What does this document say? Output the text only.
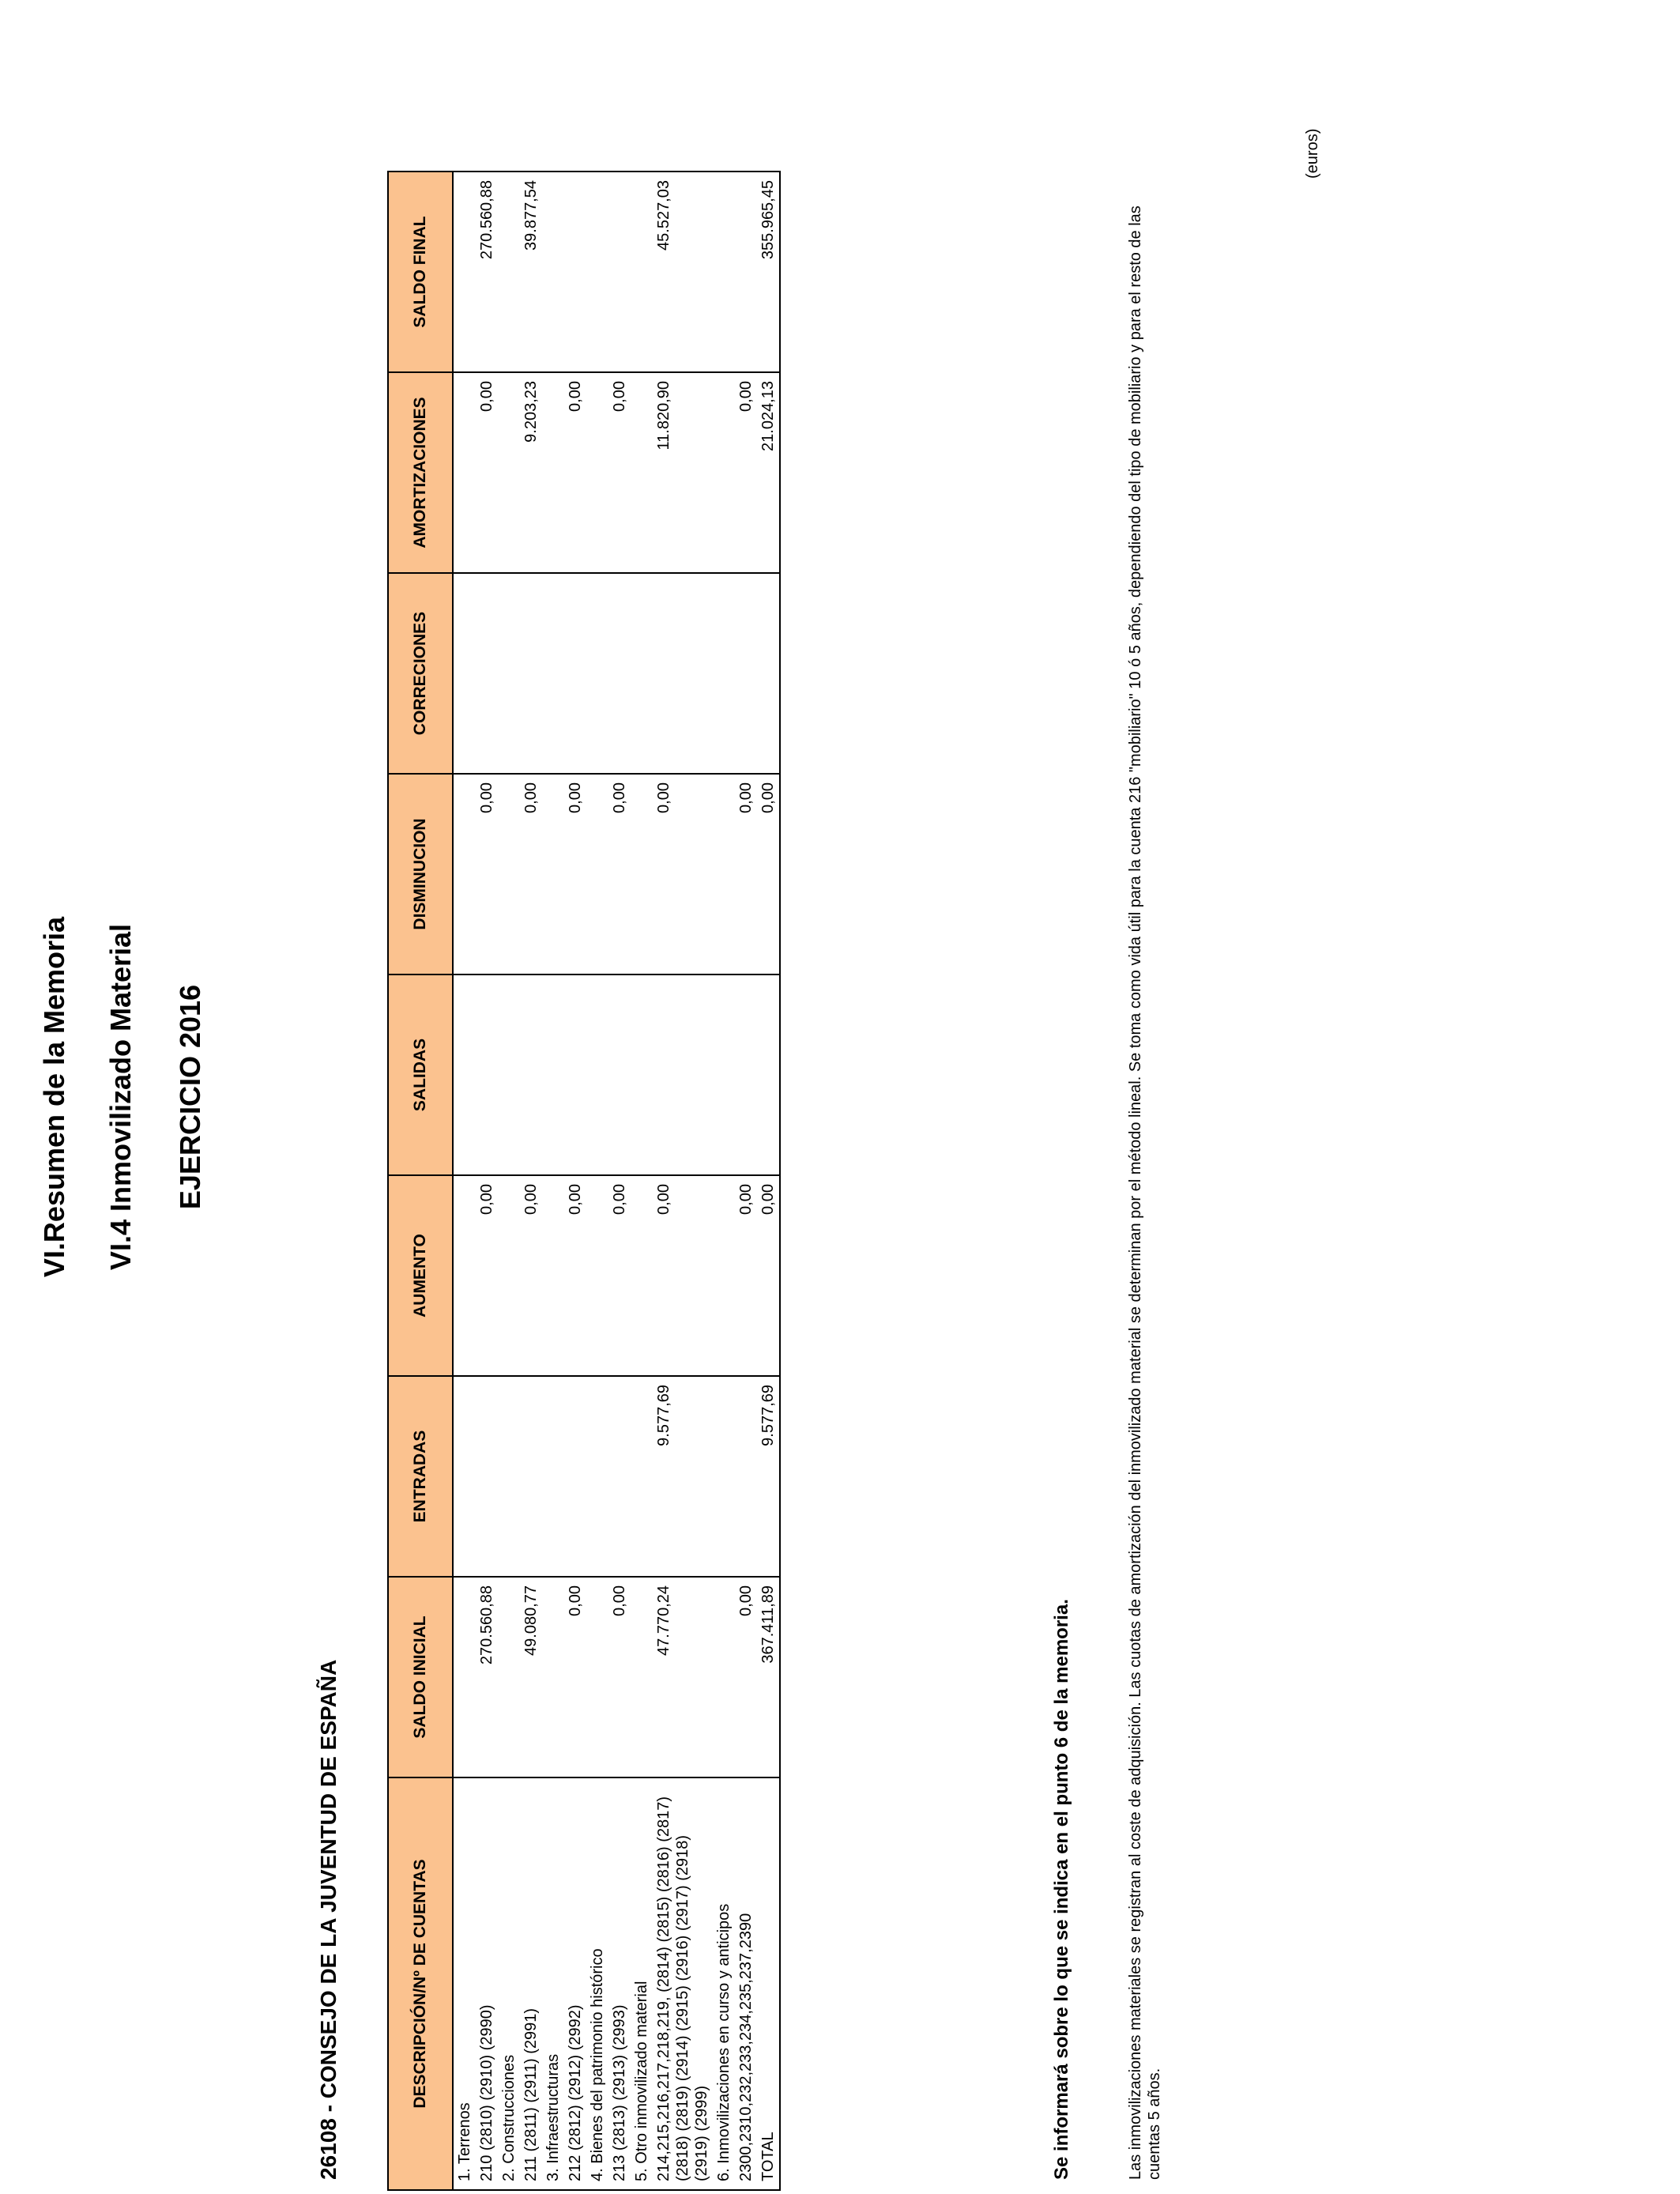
VI.Resumen de la Memoria VI.4 Inmovilizado Material EJERCICIO 2016
(euros)
26108 - CONSEJO DE LA JUVENTUD DE ESPAÑA	DESCRIPCIÓN/Nº DE CUENTAS	SALDO INICIAL	ENTRADAS	AUMENTO	SALIDAS	DISMINUCION	CORRECIONES	AMORTIZACIONES	SALDO FINAL
1. Terrenos								
210 (2810) (2910) (2990)	270.560,88		0,00		0,00		0,00	270.560,88
2. Construcciones								
211 (2811) (2911) (2991)	49.080,77		0,00		0,00		9.203,23	39.877,54
3. Infraestructuras								
212 (2812) (2912) (2992)	0,00		0,00		0,00		0,00	
4. Bienes del patrimonio histórico								
213 (2813) (2913) (2993)	0,00		0,00		0,00		0,00	
5. Otro inmovilizado material								
214,215,216,217,218,219, (2814) (2815) (2816) (2817) (2818) (2819) (2914) (2915) (2916) (2917) (2918) (2919) (2999)	47.770,24	9.577,69	0,00		0,00		11.820,90	45.527,03
6. Inmovilizaciones en curso y anticipos								
2300,2310,232,233,234,235,237,2390	0,00		0,00		0,00		0,00	
TOTAL	367.411,89	9.577,69	0,00		0,00		21.024,13	355.965,45
Se informará sobre lo que se indica en el punto 6 de la memoria.	Las inmovilizaciones materiales se registran al coste de adquisición. Las cuotas de amortización del inmovilizado material se determinan por el método lineal. Se toma como vida útil para la cuenta 216 "mobiliario" 10 ó 5 años, dependiendo del tipo de mobiliario y para el resto de las cuentas 5 años.
